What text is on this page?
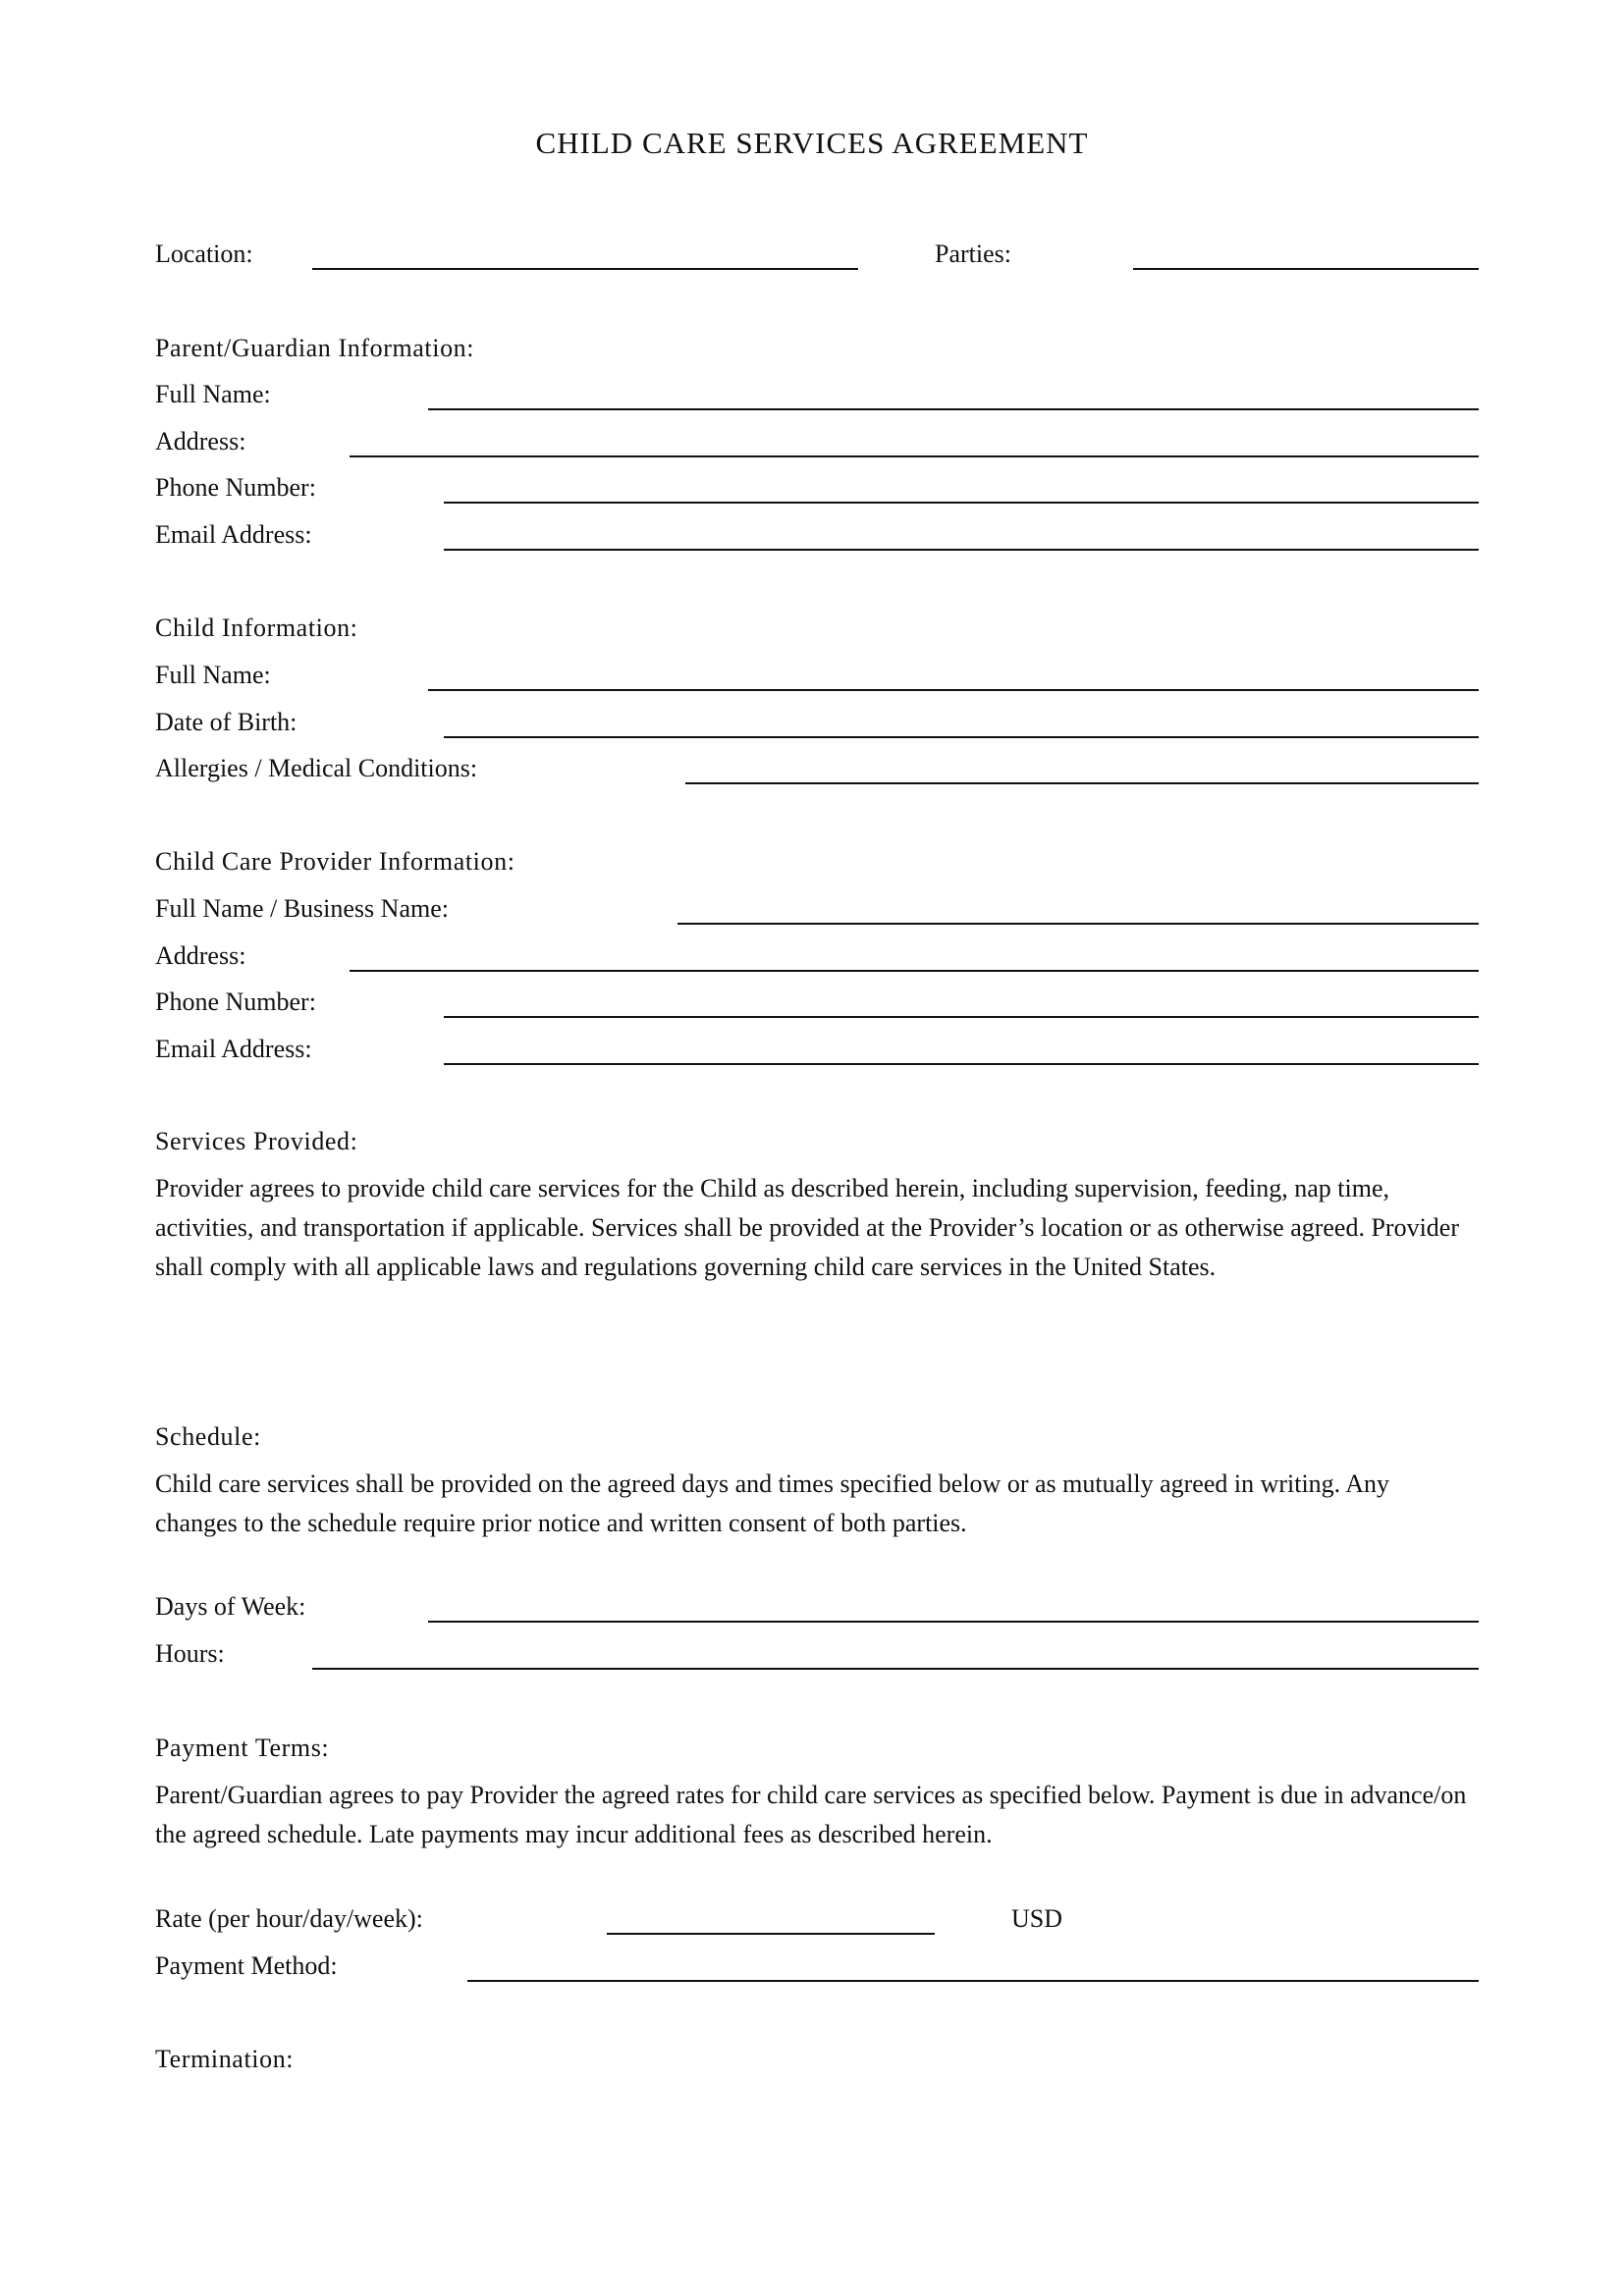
CHILD CARE SERVICES AGREEMENT
Location:	Parties:
Parent/Guardian Information:
Full Name:
Address:
Phone Number:
Email Address:
Child Information:
Full Name:
Date of Birth:
Allergies / Medical Conditions:
Child Care Provider Information:
Full Name / Business Name:
Address:
Phone Number:
Email Address:
Services Provided:
Provider agrees to provide child care services for the Child as described herein, including supervision, feeding, nap time, activities, and transportation if applicable. Services shall be provided at the Provider’s location or as otherwise agreed. Provider shall comply with all applicable laws and regulations governing child care services in the United States.
Schedule:
Child care services shall be provided on the agreed days and times specified below or as mutually agreed in writing. Any changes to the schedule require prior notice and written consent of both parties.
Days of Week:
Hours:
Payment Terms:
Parent/Guardian agrees to pay Provider the agreed rates for child care services as specified below. Payment is due in advance/on the agreed schedule. Late payments may incur additional fees as described herein.
Rate (per hour/day/week):	USD
Payment Method:
Termination:
